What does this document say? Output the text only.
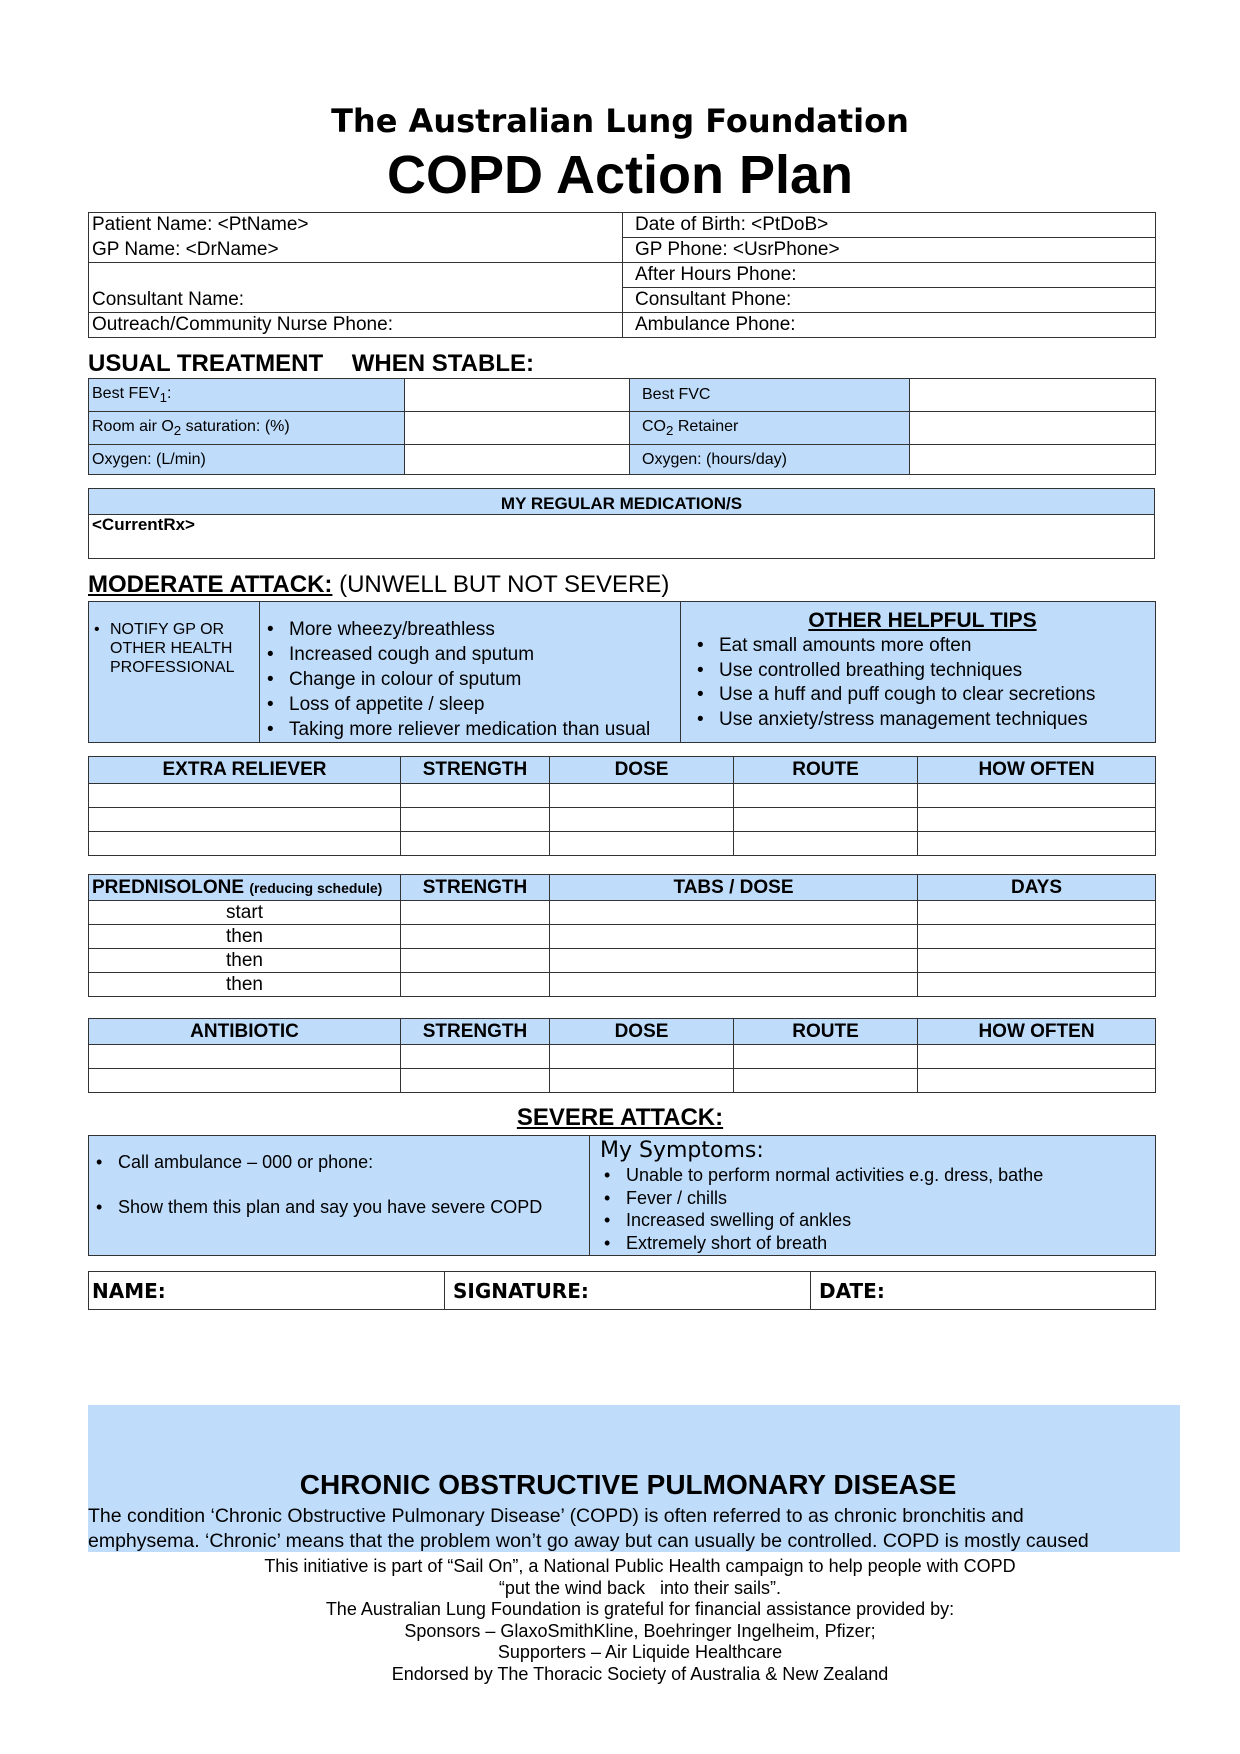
The Australian Lung Foundation
COPD Action Plan
Patient Name: <PtName>	Date of Birth: <PtDoB>
GP Name: <DrName>	GP Phone: <UsrPhone>
	After Hours Phone:
Consultant Name:	Consultant Phone:
Outreach/Community Nurse Phone:	Ambulance Phone:
USUAL TREATMENT WHEN STABLE:
Best $FEV_1$:		Best FVC	
Room air $O_2$ saturation: (%)		$CO_2$ Retainer	
Oxygen: (L/min)		Oxygen: (hours/day)	
MY REGULAR MEDICATION/S
<CurrentRx>
MODERATE ATTACK: (UNWELL BUT NOT SEVERE)
• NOTIFY GP OR
OTHER HEALTH
PROFESSIONAL

• More wheezy/breathless
• Increased cough and sputum
• Change in colour of sputum
• Loss of appetite / sleep
• Taking more reliever medication than usual

OTHER HELPFUL TIPS
• Eat small amounts more often
• Use controlled breathing techniques
• Use a huff and puff cough to clear secretions
• Use anxiety/stress management techniques
EXTRA RELIEVER	STRENGTH	DOSE	ROUTE	HOW OFTEN

PREDNISOLONE (reducing schedule)	STRENGTH	TABS / DOSE	DAYS
start			
then			
then			
then			
ANTIBIOTIC	STRENGTH	DOSE	ROUTE	HOW OFTEN

SEVERE ATTACK:
• Call ambulance – 000 or phone:
• Show them this plan and say you have severe COPD

My Symptoms:
• Unable to perform normal activities e.g. dress, bathe
• Fever / chills
• Increased swelling of ankles
• Extremely short of breath
NAME:	SIGNATURE:	DATE:
CHRONIC OBSTRUCTIVE PULMONARY DISEASE
The condition ‘Chronic Obstructive Pulmonary Disease’ (COPD) is often referred to as chronic bronchitis and
emphysema. ‘Chronic’ means that the problem won’t go away but can usually be controlled. COPD is mostly caused
This initiative is part of “Sail On”, a National Public Health campaign to help people with COPD
“put the wind back   into their sails”.
The Australian Lung Foundation is grateful for financial assistance provided by:
Sponsors – GlaxoSmithKline, Boehringer Ingelheim, Pfizer;
Supporters – Air Liquide Healthcare
Endorsed by The Thoracic Society of Australia & New Zealand
